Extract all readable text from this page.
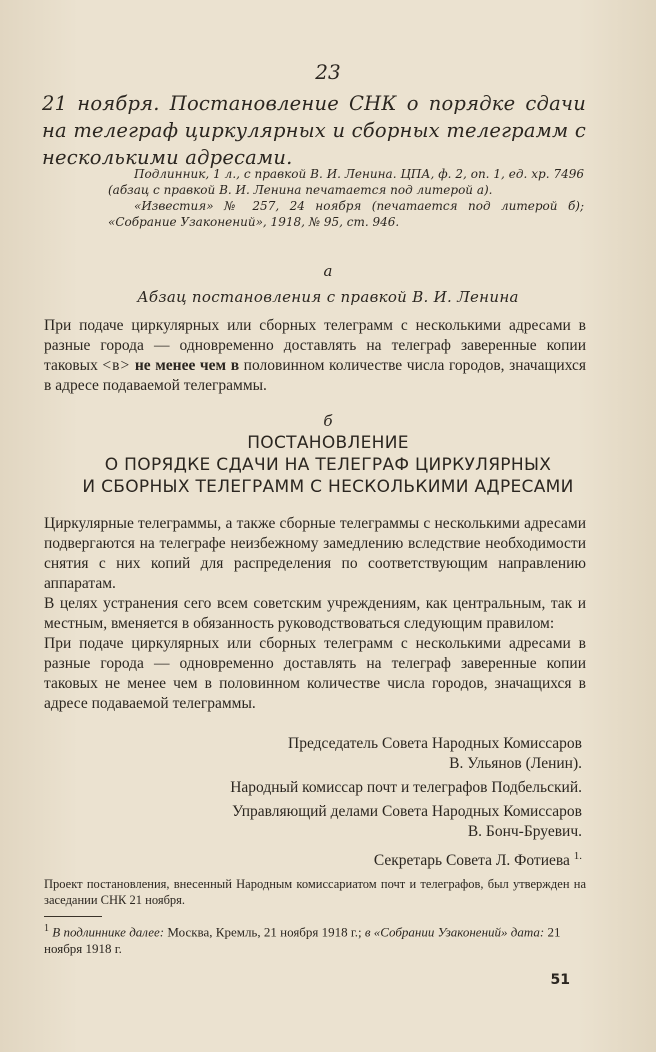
23
21 ноября. Постановление СНК о порядке сдачи на телеграф циркулярных и сборных телеграмм с несколькими адресами.

Подлинник, 1 л., с правкой В. И. Ленина. ЦПА, ф. 2, оп. 1, ед. хр. 7496 (абзац с правкой В. И. Ленина печатается под литерой а).

«Известия» № 257, 24 ноября (печатается под литерой б); «Собрание Узаконений», 1918, № 95, ст. 946.

а
Абзац постановления с правкой В. И. Ленина

При подаче циркулярных или сборных телеграмм с несколькими адресами в разные города — одновременно доставлять на телеграф заверенные копии таковых <в> не менее чем в половинном количестве числа городов, значащихся в адресе подаваемой телеграммы.

б
ПОСТАНОВЛЕНИЕ
О ПОРЯДКЕ СДАЧИ НА ТЕЛЕГРАФ ЦИРКУЛЯРНЫХ
И СБОРНЫХ ТЕЛЕГРАММ С НЕСКОЛЬКИМИ АДРЕСАМИ

Циркулярные телеграммы, а также сборные телеграммы с несколькими адресами подвергаются на телеграфе неизбежному замедлению вследствие необходимости снятия с них копий для распределения по соответствующим направлению аппаратам.

В целях устранения сего всем советским учреждениям, как центральным, так и местным, вменяется в обязанность руководствоваться следующим правилом:

При подаче циркулярных или сборных телеграмм с несколькими адресами в разные города — одновременно доставлять на телеграф заверенные копии таковых не менее чем в половинном количестве числа городов, значащихся в адресе подаваемой телеграммы.

Председатель Совета Народных Комиссаров
В. Ульянов (Ленин).
Народный комиссар почт и телеграфов Подбельский.
Управляющий делами Совета Народных Комиссаров
В. Бонч-Бруевич.
Секретарь Совета Л. Фотиева $^{1.}$
Проект постановления, внесенный Народным комиссариатом почт и телеграфов, был утвержден на заседании СНК 21 ноября.
$^1$ В подлиннике далее: Москва, Кремль, 21 ноября 1918 г.; в «Собрании Узаконений» дата: 21 ноября 1918 г.
51
